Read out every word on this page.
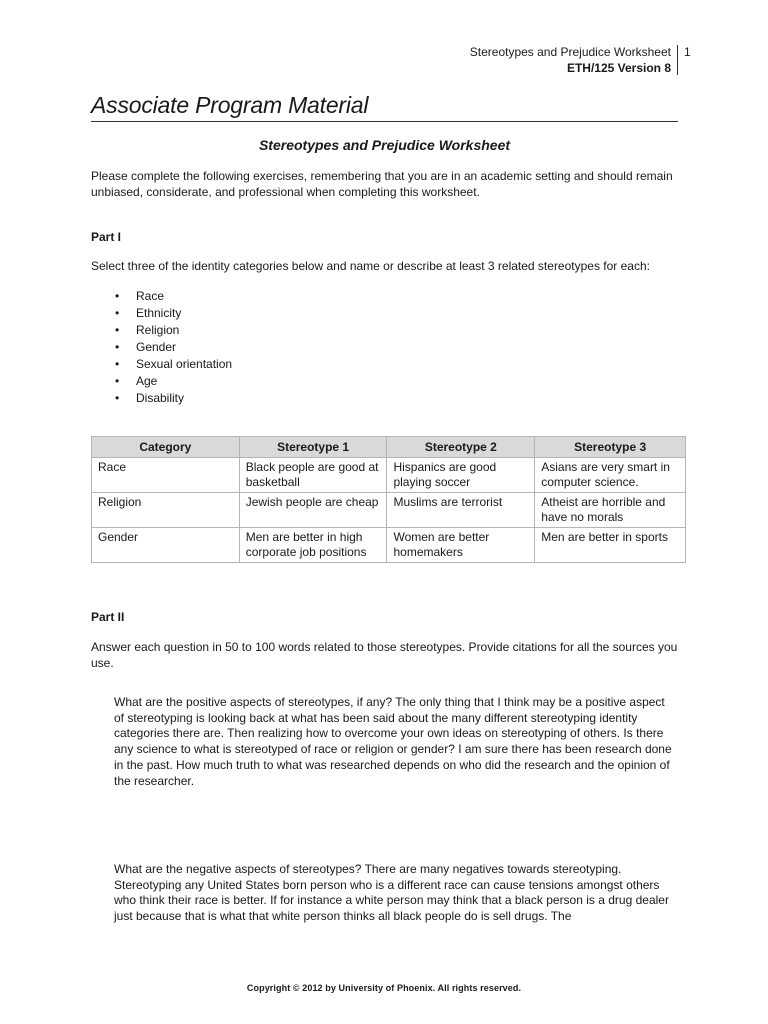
Stereotypes and Prejudice Worksheet
ETH/125 Version 8
1
Associate Program Material
Stereotypes and Prejudice Worksheet

Please complete the following exercises, remembering that you are in an academic setting and should remain unbiased, considerate, and professional when completing this worksheet.

Part I

Select three of the identity categories below and name or describe at least 3 related stereotypes for each:

• Race
• Ethnicity
• Religion
• Gender
• Sexual orientation
• Age
• Disability
Category	Stereotype 1	Stereotype 2	Stereotype 3
Race	Black people are good at basketball	Hispanics are good playing soccer	Asians are very smart in computer science.
Religion	Jewish people are cheap	Muslims are terrorist	Atheist are horrible and have no morals
Gender	Men are better in high corporate job positions	Women are better homemakers	Men are better in sports

Part II

Answer each question in 50 to 100 words related to those stereotypes. Provide citations for all the sources you use.

What are the positive aspects of stereotypes, if any? The only thing that I think may be a positive aspect of stereotyping is looking back at what has been said about the many different stereotyping identity categories there are. Then realizing how to overcome your own ideas on stereotyping of others. Is there any science to what is stereotyped of race or religion or gender? I am sure there has been research done in the past. How much truth to what was researched depends on who did the research and the opinion of the researcher.

What are the negative aspects of stereotypes? There are many negatives towards stereotyping. Stereotyping any United States born person who is a different race can cause tensions amongst others who think their race is better. If for instance a white person may think that a black person is a drug dealer just because that is what that white person thinks all black people do is sell drugs. The

Copyright © 2012 by University of Phoenix. All rights reserved.
